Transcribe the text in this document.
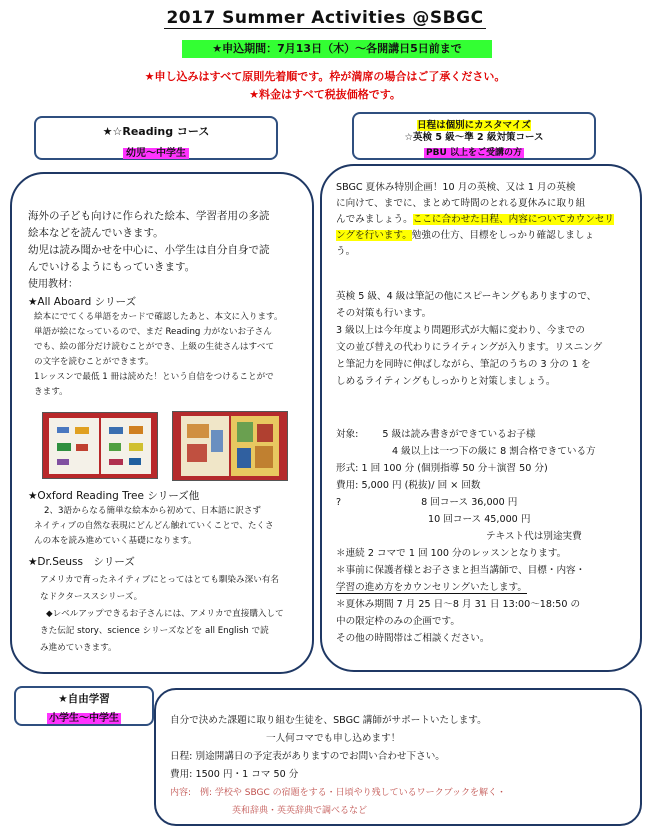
2017 Summer Activities @SBGC
★申込期間：7月13日（木）～各開講日5日前まで
★申し込みはすべて原則先着順です。枠が満席の場合はご了承ください。
★料金はすべて税抜価格です。
★☆Reading コース
幼児～中学生
日程は個別にカスタマイズ
☆英検 5 級～準 2 級対策コース
PBU 以上をご受講の方
海外の子ども向けに作られた絵本、学習者用の多読
絵本などを読んでいきます。
幼児は読み聞かせを中心に、小学生は自分自身で読
んでいけるようにもっていきます。
使用教材：
★All Aboard シリーズ
絵本にでてくる単語をカードで確認したあと、本文に入ります。
単語が絵になっているので、まだ Reading 力がないお子さん
でも、絵の部分だけ読むことができ、上級の生徒さんはすべて
の文字を読むことができます。
1レッスンで最低 1 冊は読めた！という自信をつけることがで
きます。
★Oxford Reading Tree シリーズ他
2、3語からなる簡単な絵本から初めて、日本語に訳さず
ネイティブの自然な表現にどんどん触れていくことで、たくさ
んの本を読み進めていく基礎になります。
★Dr.Seuss　シリーズ
アメリカで育ったネイティブにとってはとても馴染み深い有名
なドクターススシリーズ。
◆レベルアップできるお子さんには、アメリカで直接購入して
きた伝記 story、science シリーズなどを all English で読
み進めていきます。
SBGC 夏休み特別企画！10 月の英検、又は 1 月の英検
に向けて、までに、まとめて時間のとれる夏休みに取り組
んでみましょう。ここに合わせた日程、内容についてカウンセリ
ングを行います。勉強の仕方、目標をしっかり確認しましょ
う。
英検 5 級、4 級は筆記の他にスピーキングもありますので、
その対策も行います。
3 級以上は今年度より問題形式が大幅に変わり、今までの
文の並び替えの代わりにライティングが入ります。リスニング
と筆記力を同時に伸ばしながら、筆記のうちの 3 分の 1 を
しめるライティングもしっかりと対策しましょう。
対象:	5 級は読み書きができているお子様
4 級以上は一つ下の級に 8 割合格できている方
形式: 1 回 100 分 (個別指導 50 分＋演習 50 分)
費用: 5,000 円 (税抜)/ 回 × 回数
?	8 回コース 36,000 円
10 回コース 45,000 円
テキスト代は別途実費
＊連続 2 コマで 1 回 100 分のレッスンとなります。
＊事前に保護者様とお子さまと担当講師で、目標・内容・
学習の進め方をカウンセリングいたします。
＊夏休み期間 7 月 25 日～8 月 31 日 13:00～18:50 の
中の限定枠のみの企画です。
その他の時間帯はご相談ください。
★自由学習
小学生～中学生	自分で決めた課題に取り組む生徒を、SBGC 講師がサポートいたします。
一人何コマでも申し込めます！
日程: 別途開講日の予定表がありますのでお問い合わせ下さい。
費用: 1500 円・1 コマ 50 分
内容:　例: 学校や SBGC の宿題をする・日頃やり残しているワークブックを解く・
英和辞典・英英辞典で調べるなど
